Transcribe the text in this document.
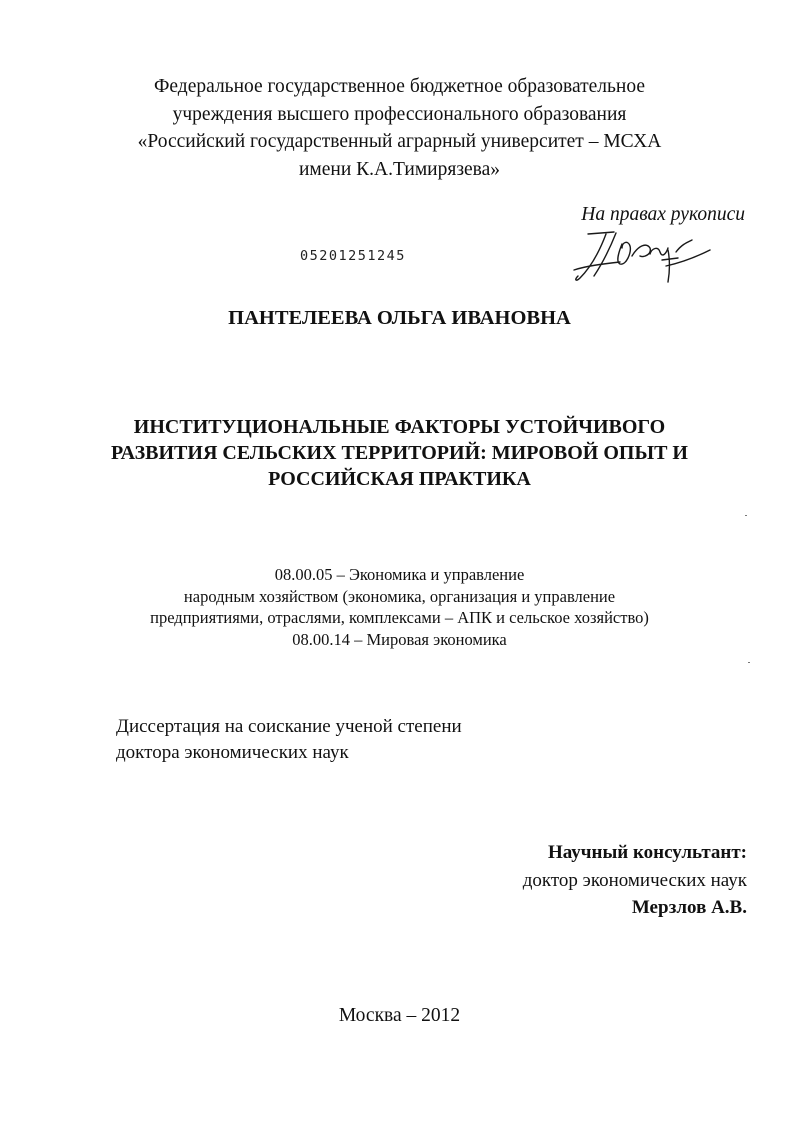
Федеральное государственное бюджетное образовательное
учреждения высшего профессионального образования
«Российский государственный аграрный университет – МСХА
имени К.А.Тимирязева»
На правах рукописи
05201251245
ПАНТЕЛЕЕВА ОЛЬГА ИВАНОВНА
ИНСТИТУЦИОНАЛЬНЫЕ ФАКТОРЫ УСТОЙЧИВОГО
РАЗВИТИЯ СЕЛЬСКИХ ТЕРРИТОРИЙ: МИРОВОЙ ОПЫТ И
РОССИЙСКАЯ ПРАКТИКА
08.00.05 – Экономика и управление
народным хозяйством (экономика, организация и управление
предприятиями, отраслями, комплексами – АПК и сельское хозяйство)
08.00.14 – Мировая экономика
Диссертация на соискание ученой степени
доктора экономических наук
Научный консультант:
доктор экономических наук
Мерзлов А.В.
Москва – 2012
